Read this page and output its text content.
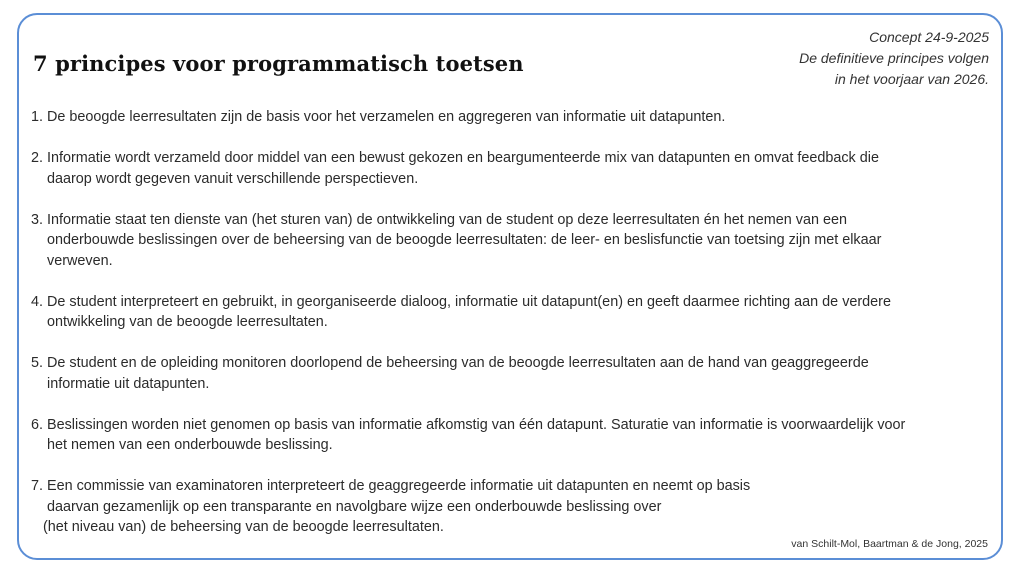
7 principes voor programmatisch toetsen
Concept 24-9-2025
De definitieve principes volgen
in het voorjaar van 2026.
1. De beoogde leerresultaten zijn de basis voor het verzamelen en aggregeren van informatie uit datapunten.
2. Informatie wordt verzameld door middel van een bewust gekozen en beargumenteerde mix van datapunten en omvat feedback die daarop wordt gegeven vanuit verschillende perspectieven.
3. Informatie staat ten dienste van (het sturen van) de ontwikkeling van de student op deze leerresultaten én het nemen van een onderbouwde beslissingen over de beheersing van de beoogde leerresultaten: de leer- en beslisfunctie van toetsing zijn met elkaar verweven.
4. De student interpreteert en gebruikt, in georganiseerde dialoog, informatie uit datapunt(en) en geeft daarmee richting aan de verdere ontwikkeling van de beoogde leerresultaten.
5. De student en de opleiding monitoren doorlopend de beheersing van de beoogde leerresultaten aan de hand van geaggregeerde informatie uit datapunten.
6. Beslissingen worden niet genomen op basis van informatie afkomstig van één datapunt. Saturatie van informatie is voorwaardelijk voor het nemen van een onderbouwde beslissing.
7. Een commissie van examinatoren interpreteert de geaggregeerde informatie uit datapunten en neemt op basis
daarvan gezamenlijk op een transparante en navolgbare wijze een onderbouwde beslissing over
(het niveau van) de beheersing van de beoogde leerresultaten.
van Schilt-Mol, Baartman & de Jong, 2025
